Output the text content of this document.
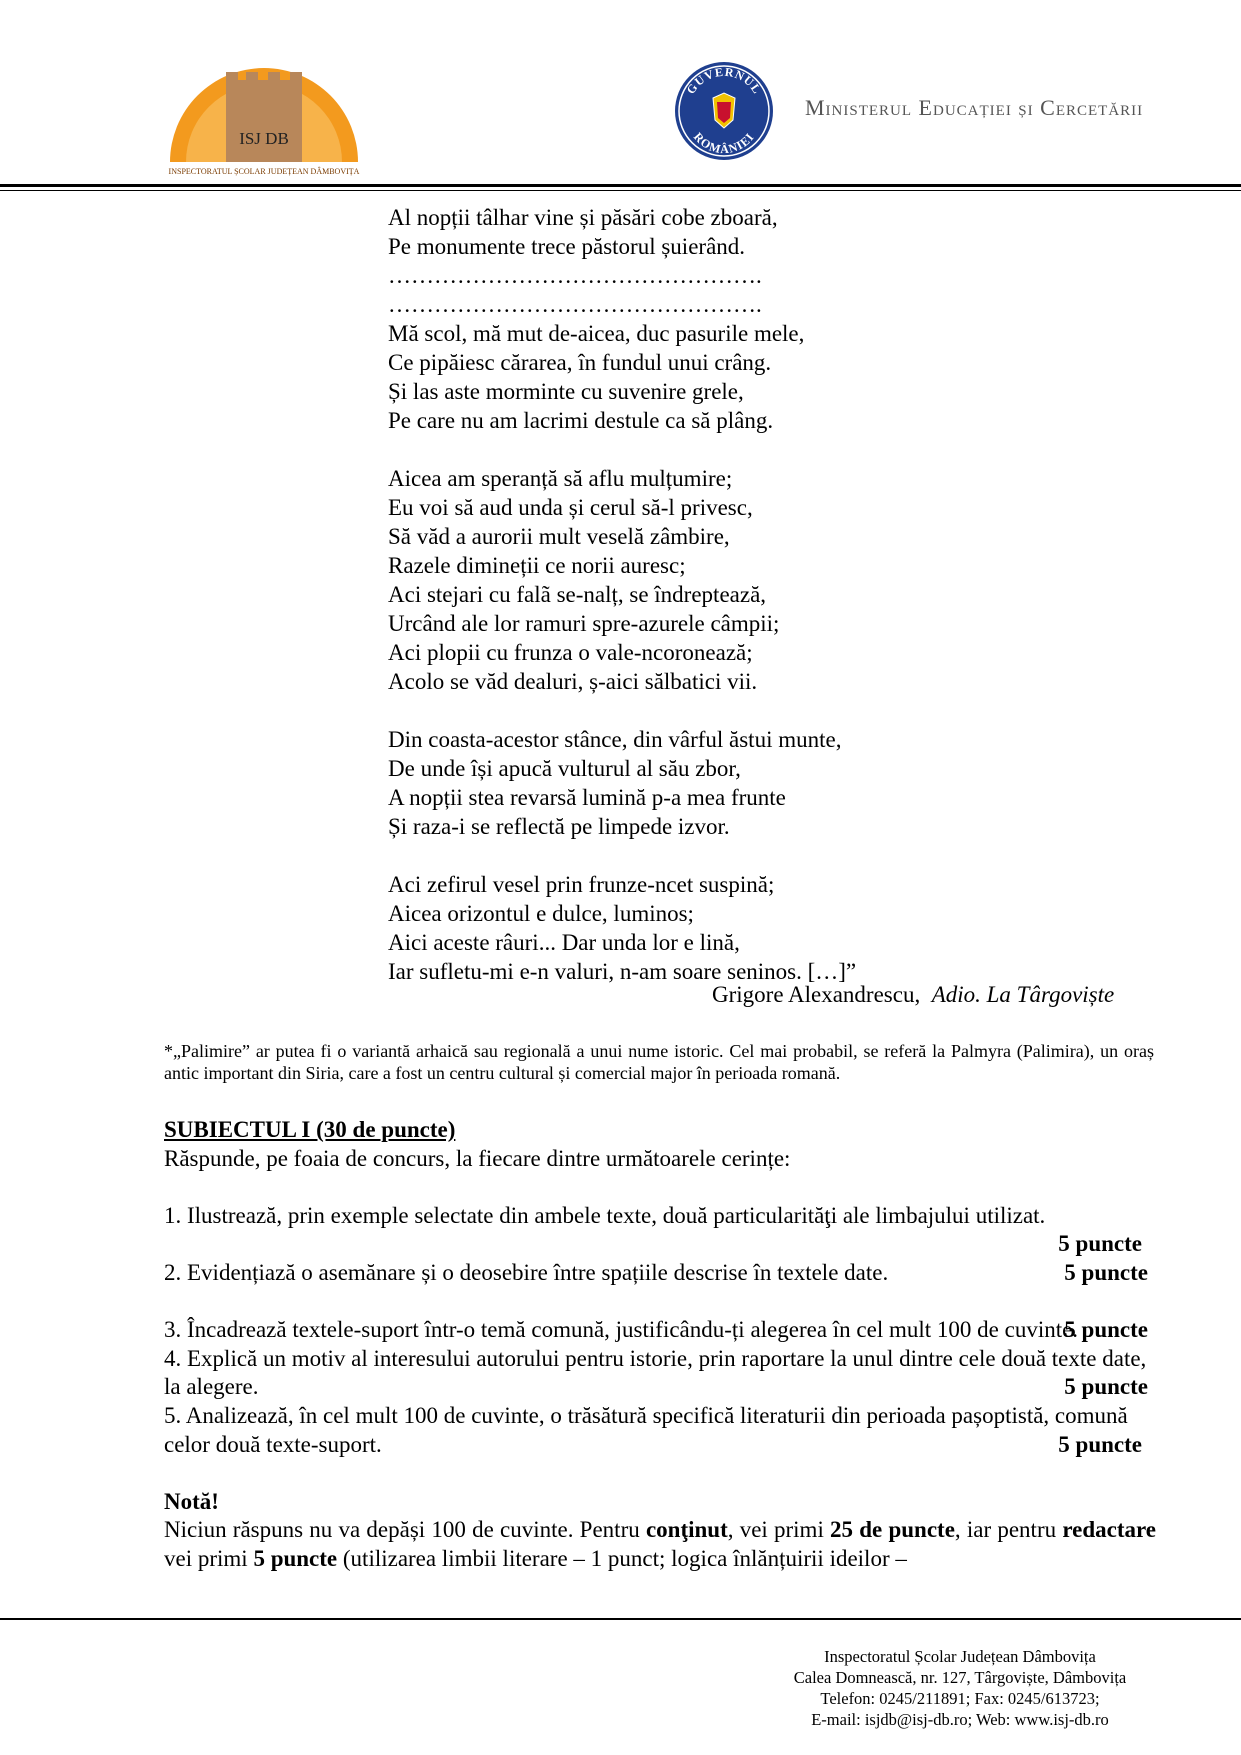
ISJ DB
INSPECTORATUL ȘCOLAR JUDEȚEAN DÂMBOVIȚA
GUVERNUL
ROMÂNIEI
Ministerul Educației și Cercetării
Al nopții tâlhar vine și păsări cobe zboară,
Pe monumente trece păstorul șuierând.
………………………………………….
………………………………………….
Mă scol, mă mut de-aicea, duc pasurile mele,
Ce pipăiesc cărarea, în fundul unui crâng.
Și las aste morminte cu suvenire grele,
Pe care nu am lacrimi destule ca să plâng.
Aicea am speranță să aflu mulțumire;
Eu voi să aud unda și cerul să-l privesc,
Să văd a aurorii mult veselă zâmbire,
Razele dimineții ce norii auresc;
Aci stejari cu falã se-nalț, se îndreptează,
Urcând ale lor ramuri spre-azurele câmpii;
Aci plopii cu frunza o vale-ncoronează;
Acolo se văd dealuri, ș-aici sălbatici vii.
Din coasta-acestor stânce, din vârful ăstui munte,
De unde își apucă vulturul al său zbor,
A nopții stea revarsă lumină p-a mea frunte
Și raza-i se reflectă pe limpede izvor.
Aci zefirul vesel prin frunze-ncet suspină;
Aicea orizontul e dulce, luminos;
Aici aceste râuri... Dar unda lor e lină,
Iar sufletu-mi e-n valuri, n-am soare seninos. […]”
Grigore Alexandrescu, Adio. La Târgoviște
*„Palimire” ar putea fi o variantă arhaică sau regională a unui nume istoric. Cel mai probabil, se referă la Palmyra (Palimira), un oraș antic important din Siria, care a fost un centru cultural și comercial major în perioada romană.

SUBIECTUL I (30 de puncte)

Răspunde, pe foaia de concurs, la fiecare dintre următoarele cerințe:

1. Ilustrează, prin exemple selectate din ambele texte, două particularităţi ale limbajului utilizat.

5 puncte

2. Evidențiază o asemănare și o deosebire între spațiile descrise în textele date.	5 puncte

3. Încadrează textele-suport într-o temă comună, justificându-ți alegerea în cel mult 100 de cuvinte.

5 puncte

4. Explică un motiv al interesului autorului pentru istorie, prin raportare la unul dintre cele două texte date, la alegere.	5 puncte

5. Analizează, în cel mult 100 de cuvinte, o trăsătură specifică literaturii din perioada pașoptistă, comună celor două texte-suport.	5 puncte

Notă!

Niciun răspuns nu va depăși 100 de cuvinte. Pentru conţinut, vei primi 25 de puncte, iar pentru redactare vei primi 5 puncte (utilizarea limbii literare – 1 punct; logica înlănțuirii ideilor –

Inspectoratul Școlar Județean Dâmbovița
Calea Domnească, nr. 127, Târgoviște, Dâmbovița
Telefon: 0245/211891; Fax: 0245/613723;
E-mail: isjdb@isj-db.ro; Web: www.isj-db.ro
